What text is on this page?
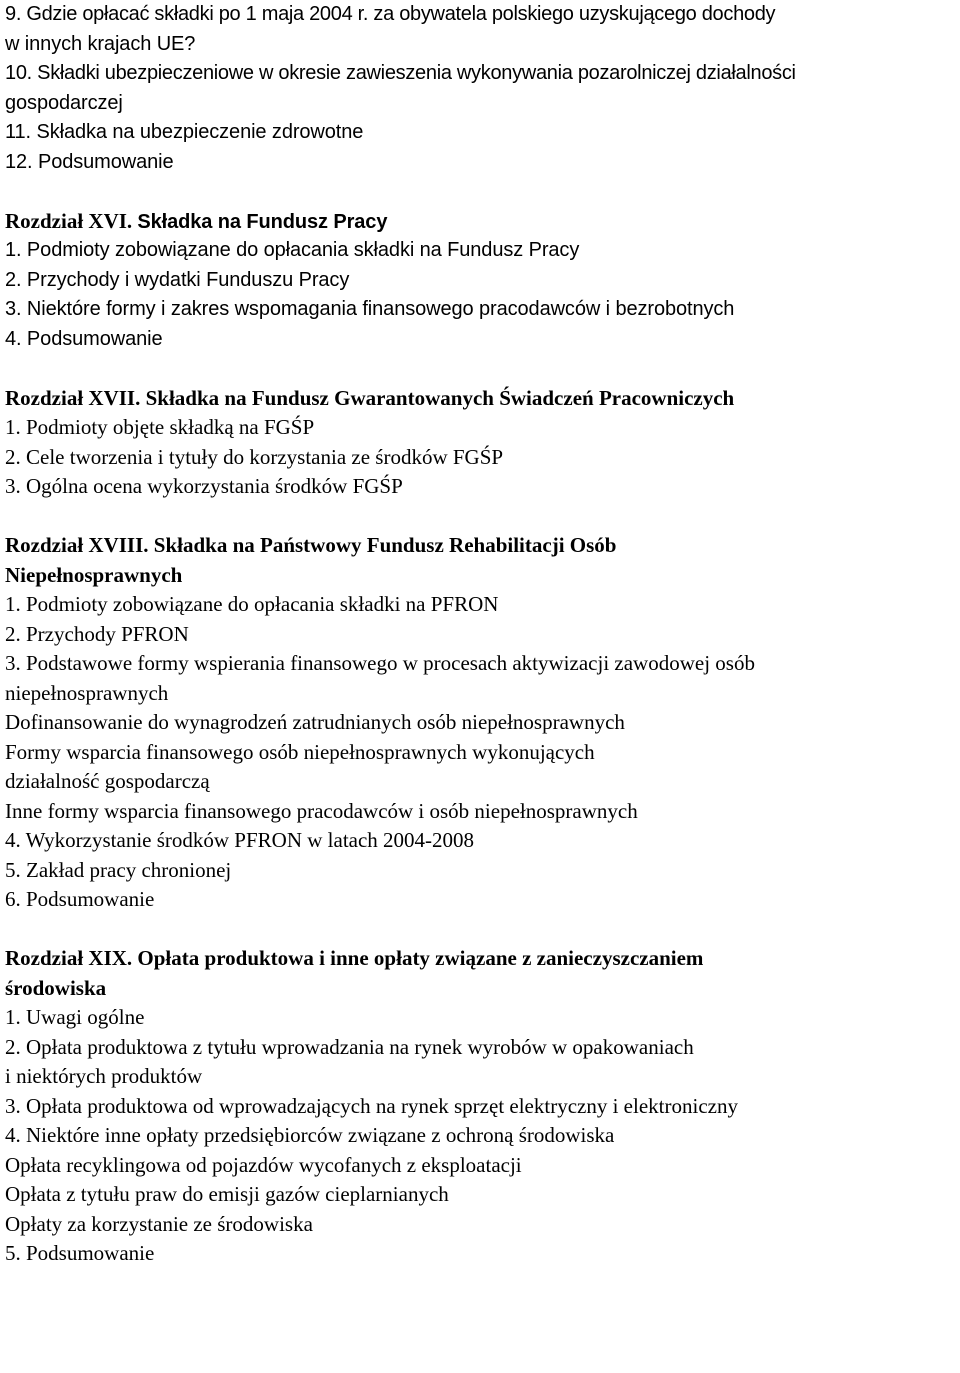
9. Gdzie opłacać składki po 1 maja 2004 r. za obywatela polskiego uzyskującego dochody
w innych krajach UE?
10. Składki ubezpieczeniowe w okresie zawieszenia wykonywania pozarolniczej działalności
gospodarczej
11. Składka na ubezpieczenie zdrowotne
12. Podsumowanie
Rozdział XVI. Składka na Fundusz Pracy
1. Podmioty zobowiązane do opłacania składki na Fundusz Pracy
2. Przychody i wydatki Funduszu Pracy
3. Niektóre formy i zakres wspomagania finansowego pracodawców i bezrobotnych
4. Podsumowanie
Rozdział XVII. Składka na Fundusz Gwarantowanych Świadczeń Pracowniczych
1. Podmioty objęte składką na FGŚP
2. Cele tworzenia i tytuły do korzystania ze środków FGŚP
3. Ogólna ocena wykorzystania środków FGŚP
Rozdział XVIII. Składka na Państwowy Fundusz Rehabilitacji Osób
Niepełnosprawnych
1. Podmioty zobowiązane do opłacania składki na PFRON
2. Przychody PFRON
3. Podstawowe formy wspierania finansowego w procesach aktywizacji zawodowej osób
niepełnosprawnych
Dofinansowanie do wynagrodzeń zatrudnianych osób niepełnosprawnych
Formy wsparcia finansowego osób niepełnosprawnych wykonujących
działalność gospodarczą
Inne formy wsparcia finansowego pracodawców i osób niepełnosprawnych
4. Wykorzystanie środków PFRON w latach 2004-2008
5. Zakład pracy chronionej
6. Podsumowanie
Rozdział XIX. Opłata produktowa i inne opłaty związane z zanieczyszczaniem
środowiska
1. Uwagi ogólne
2. Opłata produktowa z tytułu wprowadzania na rynek wyrobów w opakowaniach
i niektórych produktów
3. Opłata produktowa od wprowadzających na rynek sprzęt elektryczny i elektroniczny
4. Niektóre inne opłaty przedsiębiorców związane z ochroną środowiska
Opłata recyklingowa od pojazdów wycofanych z eksploatacji
Opłata z tytułu praw do emisji gazów cieplarnianych
Opłaty za korzystanie ze środowiska
5. Podsumowanie
